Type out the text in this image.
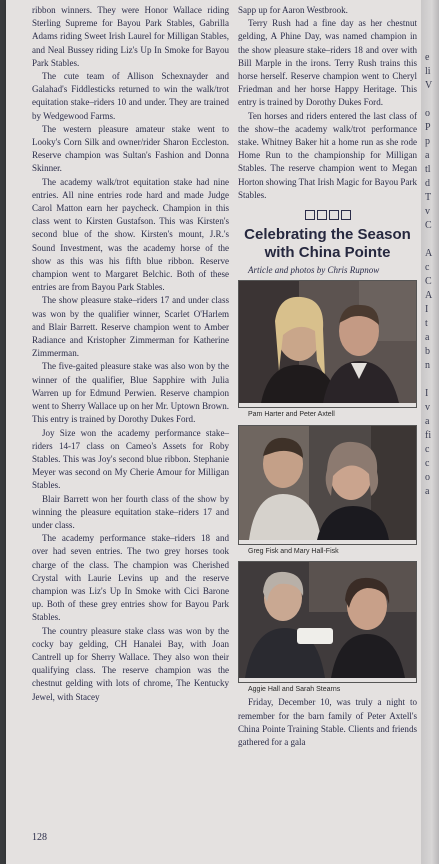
ribbon winners. They were Honor Wallace riding Sterling Supreme for Bayou Park Stables, Gabrilla Adams riding Sweet Irish Laurel for Milligan Stables, and Neal Bussey riding Liz's Up In Smoke for Bayou Park Stables.

The cute team of Allison Schexnayder and Galahad's Fiddlesticks returned to win the walk/trot equitation stake–riders 10 and under. They are trained by Wedgewood Farms.

The western pleasure amateur stake went to Looky's Corn Silk and owner/rider Sharon Eccleston. Reserve champion was Sultan's Fashion and Donna Skinner.

The academy walk/trot equitation stake had nine entries. All nine entries rode hard and made Judge Carol Matton earn her paycheck. Champion in this class went to Kirsten Gustafson. This was Kirsten's second blue of the show. Kirsten's mount, J.R.'s Sound Investment, was the academy horse of the show as this was his fifth blue ribbon. Reserve champion went to Margaret Belchic. Both of these entries are from Bayou Park Stables.

The show pleasure stake–riders 17 and under class was won by the qualifier winner, Scarlet O'Harlem and Blair Barrett. Reserve champion went to Amber Radiance and Kristopher Zimmerman for Katherine Zimmerman.

The five-gaited pleasure stake was also won by the winner of the qualifier, Blue Sapphire with Julia Warren up for Edmund Perwien. Reserve champion went to Sherry Wallace up on her Mr. Uptown Brown. This entry is trained by Dorothy Dukes Ford.

Joy Size won the academy performance stake–riders 14-17 class on Cameo's Assets for Roby Stables. This was Joy's second blue ribbon. Stephanie Meyer was second on My Cherie Amour for Milligan Stables.

Blair Barrett won her fourth class of the show by winning the pleasure equitation stake–riders 17 and under class.

The academy performance stake–riders 18 and over had seven entries. The two grey horses took charge of the class. The champion was Cherished Crystal with Laurie Levins up and the reserve champion was Liz's Up In Smoke with Cici Barone up. Both of these grey entries show for Bayou Park Stables.

The country pleasure stake class was won by the cocky bay gelding, CH Hanalei Bay, with Joan Cantrell up for Sherry Wallace. They also won their qualifying class. The reserve champion was the chestnut gelding with lots of chrome, The Kentucky Jewel, with Stacey

Sapp up for Aaron Westbrook.

Terry Rush had a fine day as her chestnut gelding, A Phine Day, was named champion in the show pleasure stake–riders 18 and over with Bill Marple in the irons. Terry Rush trains this horse herself. Reserve champion went to Cheryl Friedman and her horse Happy Heritage. This entry is trained by Dorothy Dukes Ford.

Ten horses and riders entered the last class of the show–the academy walk/trot performance stake. Whitney Baker hit a home run as she rode Home Run to the championship for Milligan Stables. The reserve champion went to Megan Horton showing That Irish Magic for Bayou Park Stables.

Celebrating the Season with China Pointe

Article and photos by Chris Rupnow

Pam Harter and Peter Axtell

Greg Fisk and Mary Hall-Fisk

Aggie Hall and Sarah Stearns

Friday, December 10, was truly a night to remember for the barn family of Peter Axtell's China Pointe Training Stable. Clients and friends gathered for a gala

128
e
li
V
o
P
p
a
tl
d
T
v
C
A
c
C
A
I
t
a
b
n
I
v
a
fi
c
c
o
a
